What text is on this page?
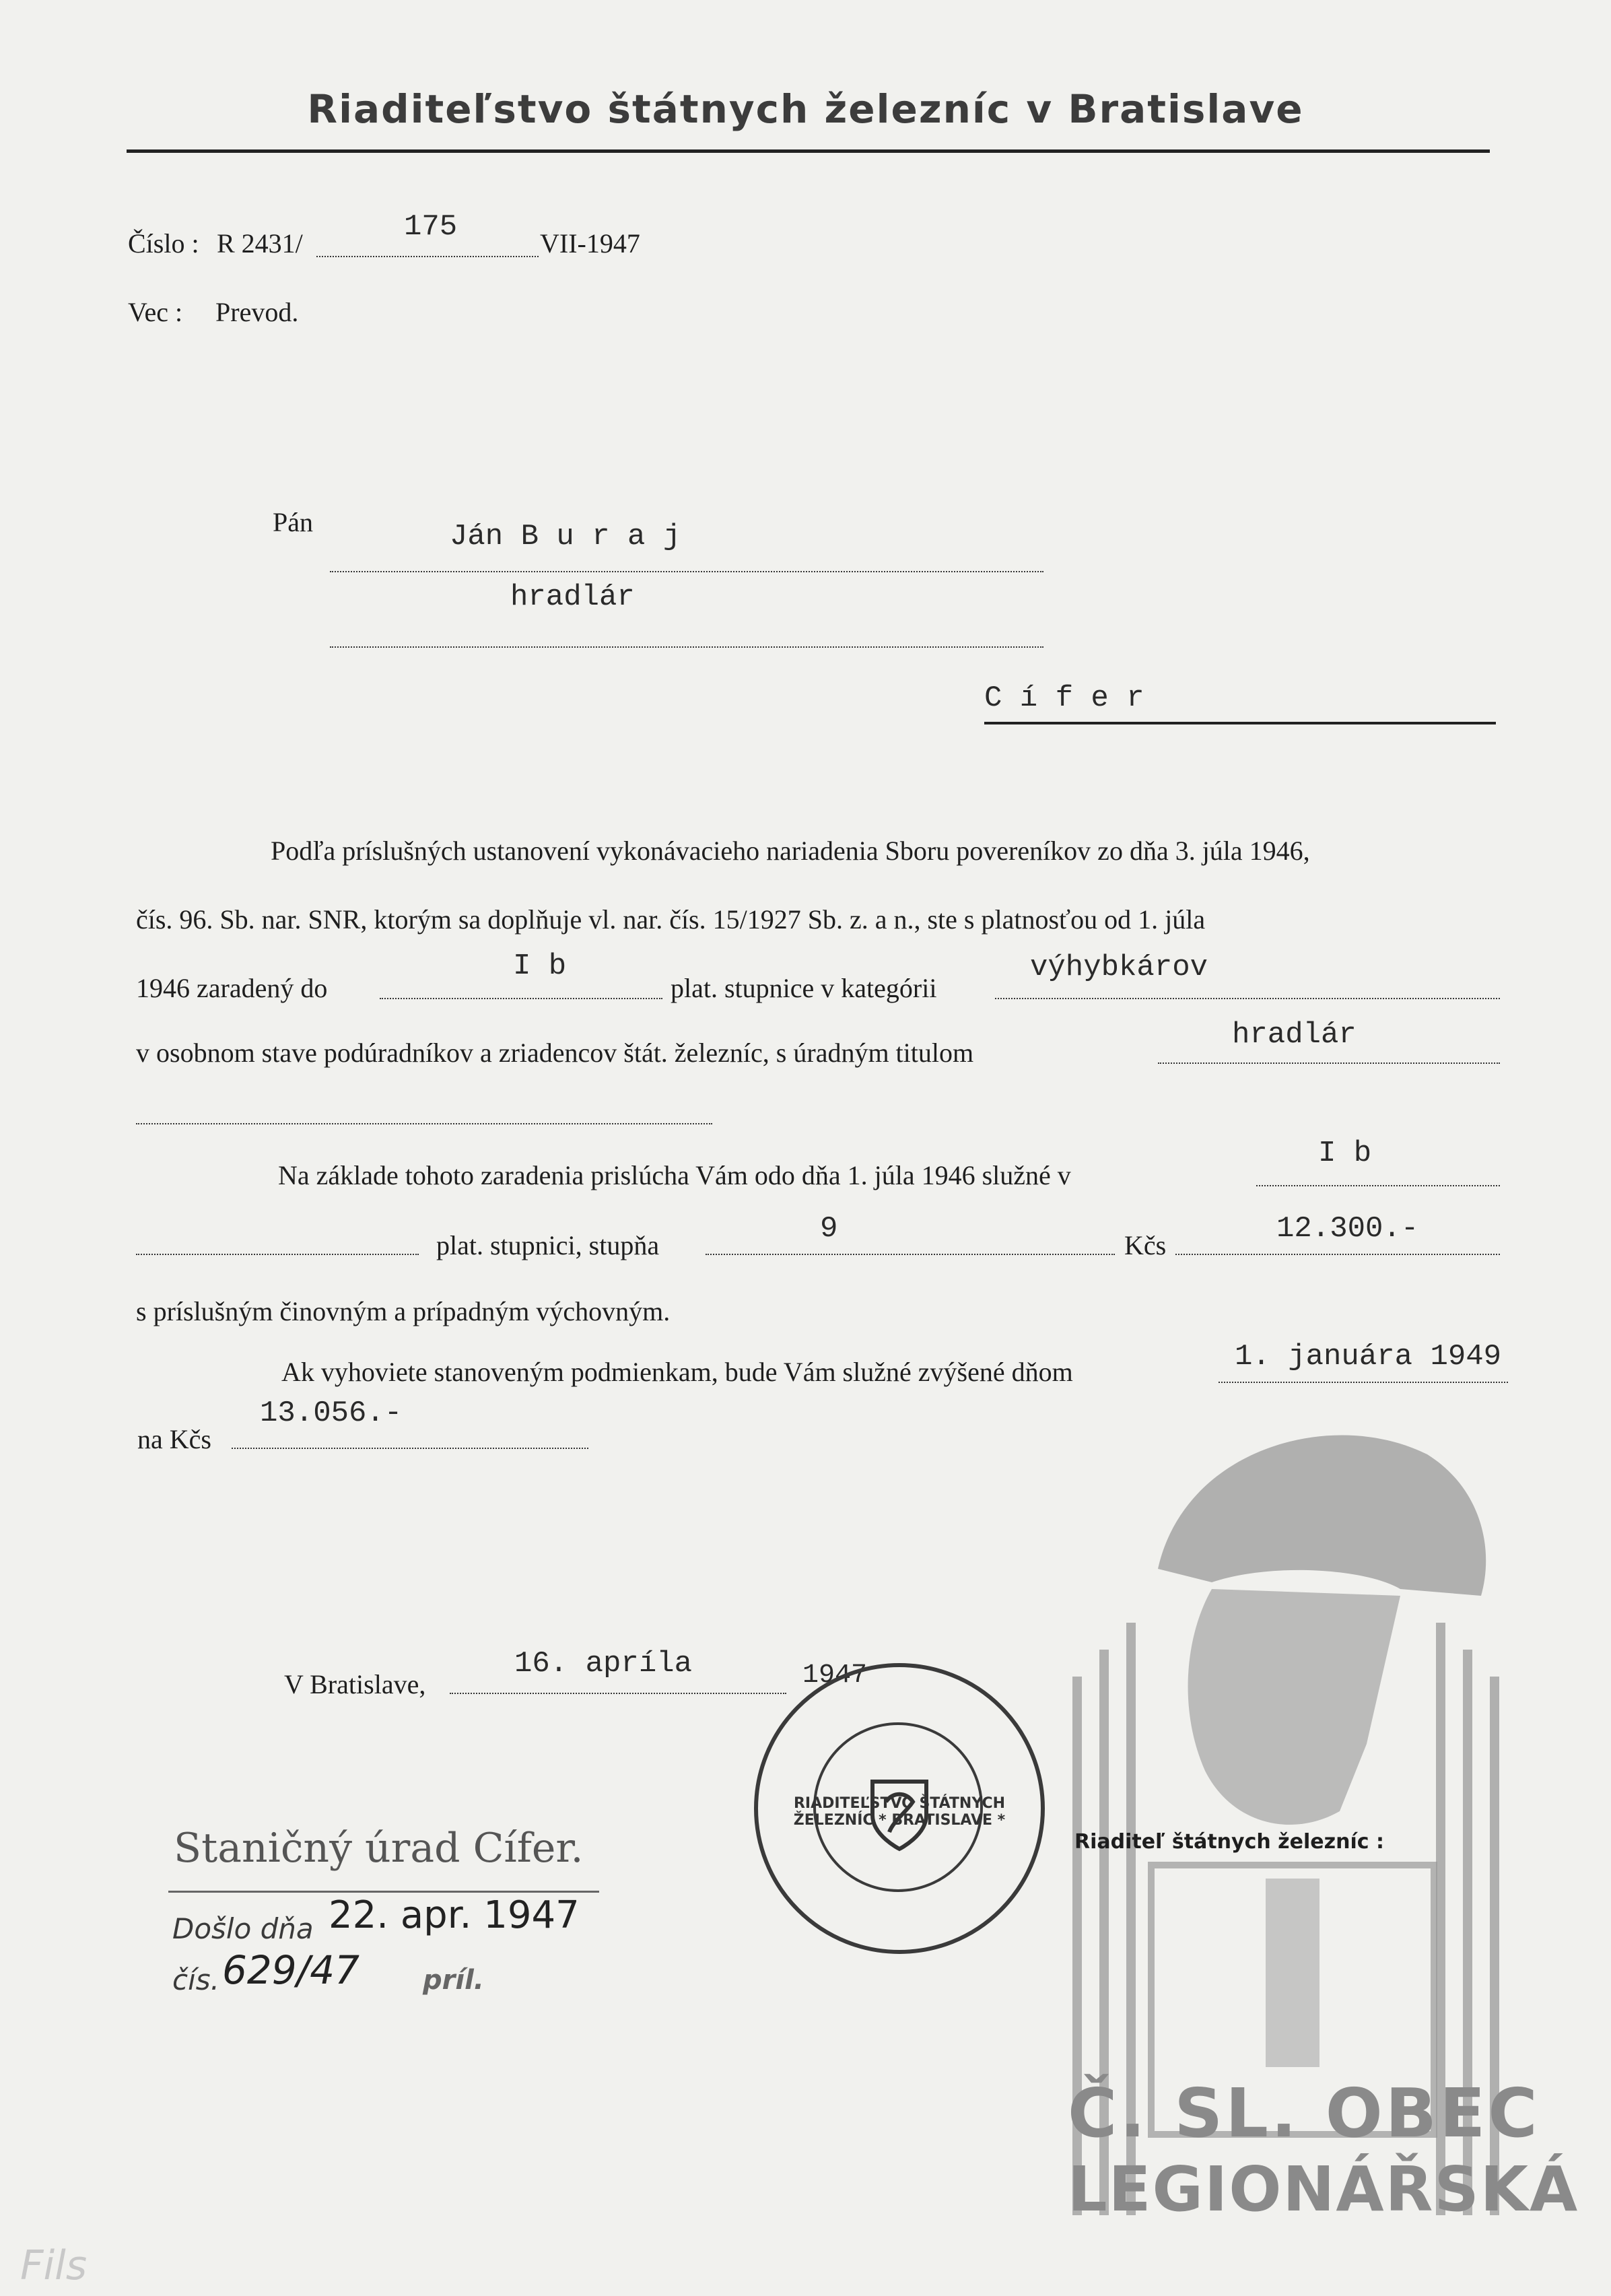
Riaditeľstvo štátnych železníc v Bratislave
Číslo : R 2431/	175	VII-1947
Vec : Prevod.
Pán	Ján B u r a j
hradlár
C í f e r
Podľa príslušných ustanovení vykonávacieho nariadenia Sboru povereníkov zo dňa 3. júla 1946,
čís. 96. Sb. nar. SNR, ktorým sa doplňuje vl. nar. čís. 15/1927 Sb. z. a n., ste s platnosťou od 1. júla
1946 zaradený do
I b
plat. stupnice v kategórii
výhybkárov
v osobnom stave podúradníkov a zriadencov štát. železníc, s úradným titulom
hradlár
Na základe tohoto zaradenia prislúcha Vám odo dňa 1. júla 1946 služné v
I b
plat. stupnici, stupňa	9	Kčs	12.300.-
s príslušným činovným a prípadným výchovným.
Ak vyhoviete stanoveným podmienkam, bude Vám služné zvýšené dňom	1. januára 1949
na Kčs
13.056.-
Č. SL. OBEC
LEGIONÁŘSKÁ
V Bratislave,
16. apríla	1947
Riaditeľ štátnych železníc :
RIADITEĽSTVO ŠTÁTNYCH ŽELEZNÍC * BRATISLAVE *
Staničný úrad Cífer.
Došlo dňa 22. apr. 1947
čís. 629/47 príl.
Fils
